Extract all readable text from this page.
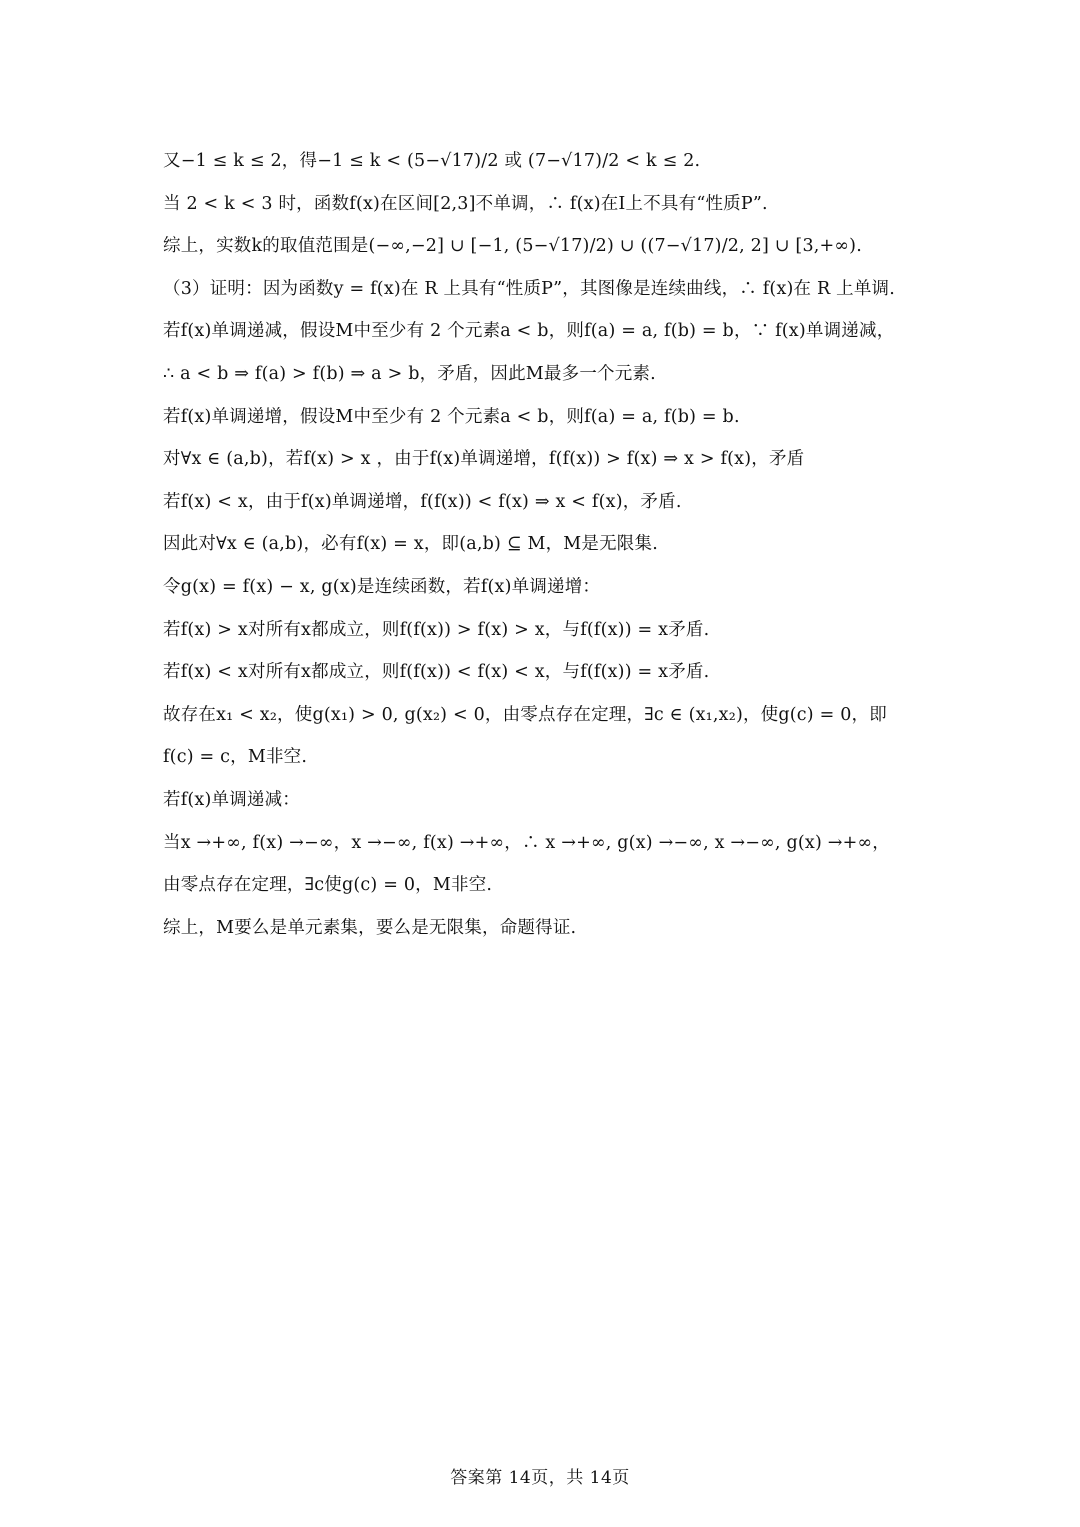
又−1 ≤ k ≤ 2，得−1 ≤ k < (5−√17)/2 或 (7−√17)/2 < k ≤ 2.
当 2 < k < 3 时，函数f(x)在区间[2,3]不单调，∴ f(x)在I上不具有“性质P”.
综上，实数k的取值范围是(−∞,−2] ∪ [−1, (5−√17)/2) ∪ ((7−√17)/2, 2] ∪ [3,+∞).
（3）证明：因为函数y = f(x)在 R 上具有“性质P”，其图像是连续曲线，∴ f(x)在 R 上单调.
若f(x)单调递减，假设M中至少有 2 个元素a < b，则f(a) = a, f(b) = b，∵ f(x)单调递减，
∴ a < b ⇒ f(a) > f(b) ⇒ a > b，矛盾，因此M最多一个元素.
若f(x)单调递增，假设M中至少有 2 个元素a < b，则f(a) = a, f(b) = b.
对∀x ∈ (a,b)，若f(x) > x ，由于f(x)单调递增，f(f(x)) > f(x) ⇒ x > f(x)，矛盾
若f(x) < x，由于f(x)单调递增，f(f(x)) < f(x) ⇒ x < f(x)，矛盾.
因此对∀x ∈ (a,b)，必有f(x) = x，即(a,b) ⊆ M，M是无限集.
令g(x) = f(x) − x, g(x)是连续函数，若f(x)单调递增：
若f(x) > x对所有x都成立，则f(f(x)) > f(x) > x，与f(f(x)) = x矛盾.
若f(x) < x对所有x都成立，则f(f(x)) < f(x) < x，与f(f(x)) = x矛盾.
故存在x₁ < x₂，使g(x₁) > 0, g(x₂) < 0，由零点存在定理，∃c ∈ (x₁,x₂)，使g(c) = 0，即
f(c) = c，M非空.
若f(x)单调递减：
当x →+∞, f(x) →−∞，x →−∞, f(x) →+∞，∴ x →+∞, g(x) →−∞, x →−∞, g(x) →+∞，
由零点存在定理，∃c使g(c) = 0，M非空.
综上，M要么是单元素集，要么是无限集，命题得证.
答案第 14页，共 14页
